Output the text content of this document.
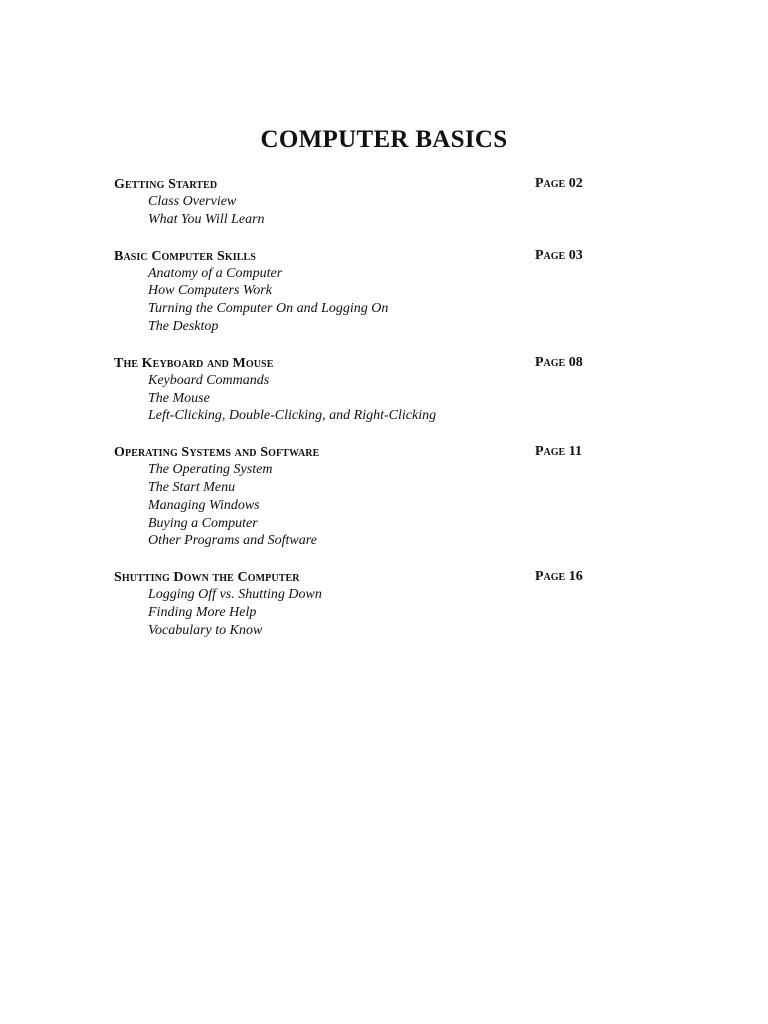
COMPUTER BASICS
Getting Started	Page 02
Class Overview
What You Will Learn
Basic Computer Skills	Page 03
Anatomy of a Computer
How Computers Work
Turning the Computer On and Logging On
The Desktop
The Keyboard and Mouse	Page 08
Keyboard Commands
The Mouse
Left-Clicking, Double-Clicking, and Right-Clicking
Operating Systems and Software	Page 11
The Operating System
The Start Menu
Managing Windows
Buying a Computer
Other Programs and Software
Shutting Down the Computer	Page 16
Logging Off vs. Shutting Down
Finding More Help
Vocabulary to Know
